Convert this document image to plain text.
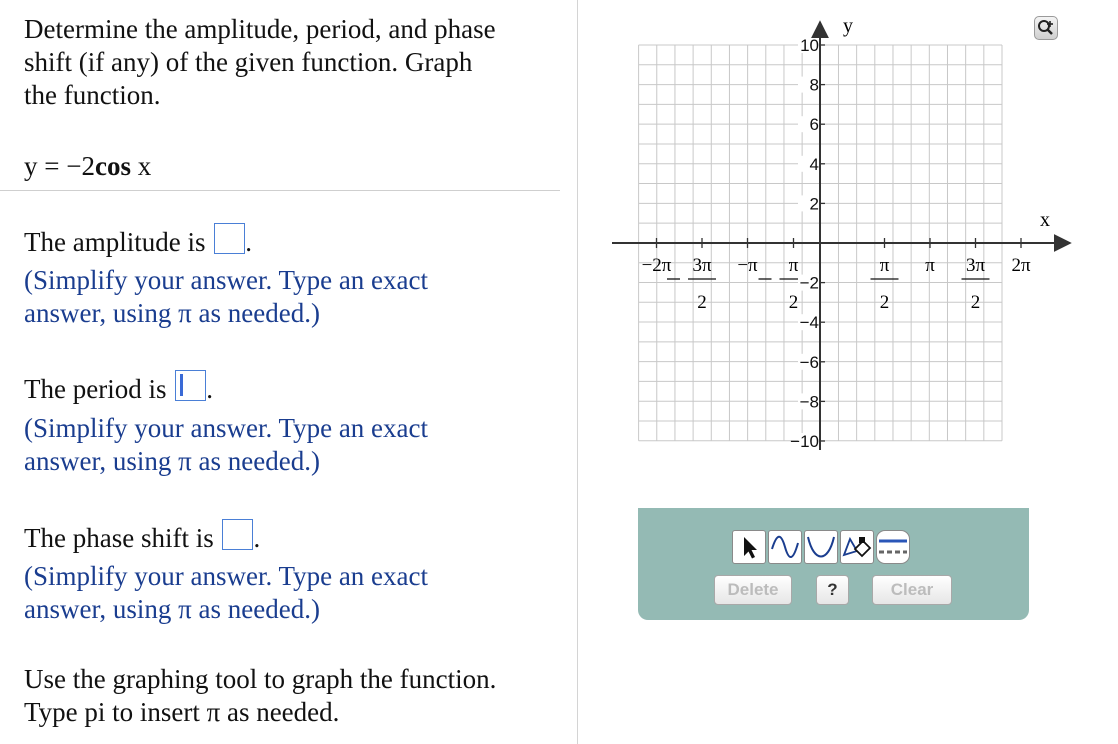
Determine the amplitude, period, and phase
shift (if any) of the given function. Graph
the function.
y = −2cos x
The amplitude is .
(Simplify your answer. Type an exact
answer, using π as needed.)
The period is .
(Simplify your answer. Type an exact
answer, using π as needed.)
The phase shift is .
(Simplify your answer. Type an exact
answer, using π as needed.)
Use the graphing tool to graph the function.
Type pi to insert π as needed.
−2π 3π
2
−π π
2
π
2
π 3π
2
2π
10
8
6
4
2
−2
−4
−6
−8
−10
y
x
Delete	?	Clear
